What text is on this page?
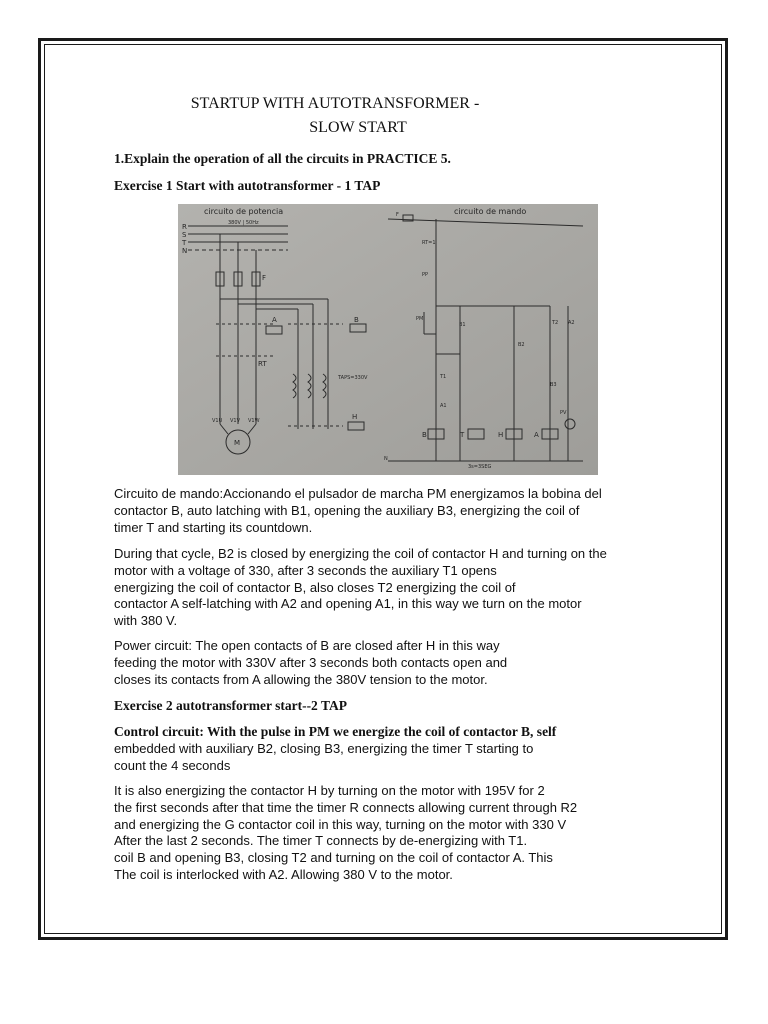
STARTUP WITH AUTOTRANSFORMER -
SLOW START
1.Explain the operation of all the circuits in PRACTICE 5.
Exercise 1 Start with autotransformer - 1 TAP
circuito de potencia	circuito de mando
380V | 50Hz
R
S
T
N
F
RT
M
V1U V1V V1W
A	B
H
TAPS=330V
F
RT=1
PP
PM
B1
B2
B3
T1
A1
T2 A2
PV
B	T	H	A
3s=3SEG
N
Circuito de mando:Accionando el pulsador de marcha PM energizamos la bobina del
contactor B, auto latching with B1, opening the auxiliary B3, energizing the coil of
timer T and starting its countdown.
During that cycle, B2 is closed by energizing the coil of contactor H and turning on the
motor with a voltage of 330, after 3 seconds the auxiliary T1 opens
energizing the coil of contactor B, also closes T2 energizing the coil of
contactor A self-latching with A2 and opening A1, in this way we turn on the motor
with 380 V.
Power circuit: The open contacts of B are closed after H in this way
feeding the motor with 330V after 3 seconds both contacts open and
closes its contacts from A allowing the 380V tension to the motor.
Exercise 2 autotransformer start--2 TAP
Control circuit: With the pulse in PM we energize the coil of contactor B, self
embedded with auxiliary B2, closing B3, energizing the timer T starting to
count the 4 seconds
It is also energizing the contactor H by turning on the motor with 195V for 2
the first seconds after that time the timer R connects allowing current through R2
and energizing the G contactor coil in this way, turning on the motor with 330 V
After the last 2 seconds. The timer T connects by de-energizing with T1.
coil B and opening B3, closing T2 and turning on the coil of contactor A. This
The coil is interlocked with A2. Allowing 380 V to the motor.
